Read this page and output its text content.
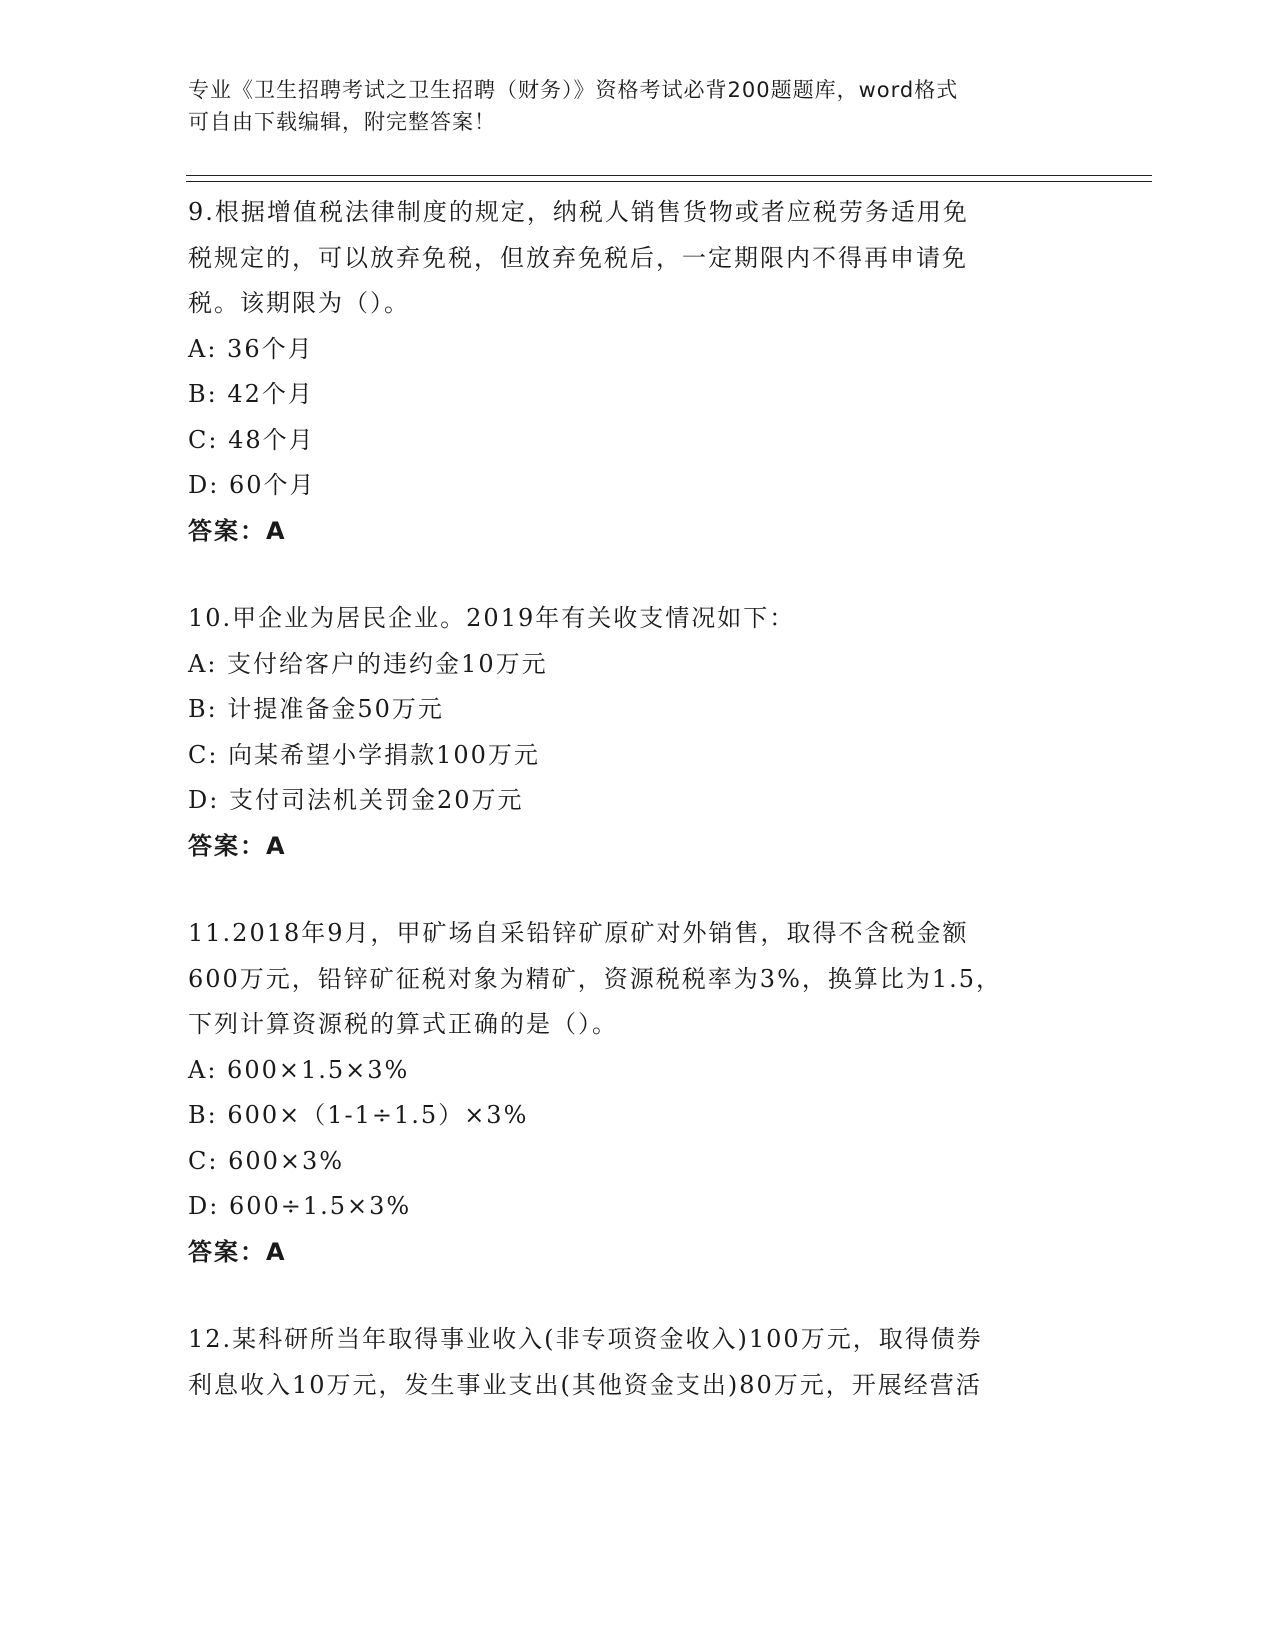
专业《卫生招聘考试之卫生招聘（财务）》资格考试必背200题题库，word格式
可自由下载编辑，附完整答案！
9.根据增值税法律制度的规定，纳税人销售货物或者应税劳务适用免
税规定的，可以放弃免税，但放弃免税后，一定期限内不得再申请免
税。该期限为（）。
A: 36个月
B: 42个月
C: 48个月
D: 60个月
答案：A
10.甲企业为居民企业。2019年有关收支情况如下：
A: 支付给客户的违约金10万元
B: 计提准备金50万元
C: 向某希望小学捐款100万元
D: 支付司法机关罚金20万元
答案：A
11.2018年9月，甲矿场自采铅锌矿原矿对外销售，取得不含税金额
600万元，铅锌矿征税对象为精矿，资源税税率为3%，换算比为1.5，
下列计算资源税的算式正确的是（）。
A: 600×1.5×3%
B: 600×（1-1÷1.5）×3%
C: 600×3%
D: 600÷1.5×3%
答案：A
12.某科研所当年取得事业收入(非专项资金收入)100万元，取得债券
利息收入10万元，发生事业支出(其他资金支出)80万元，开展经营活
